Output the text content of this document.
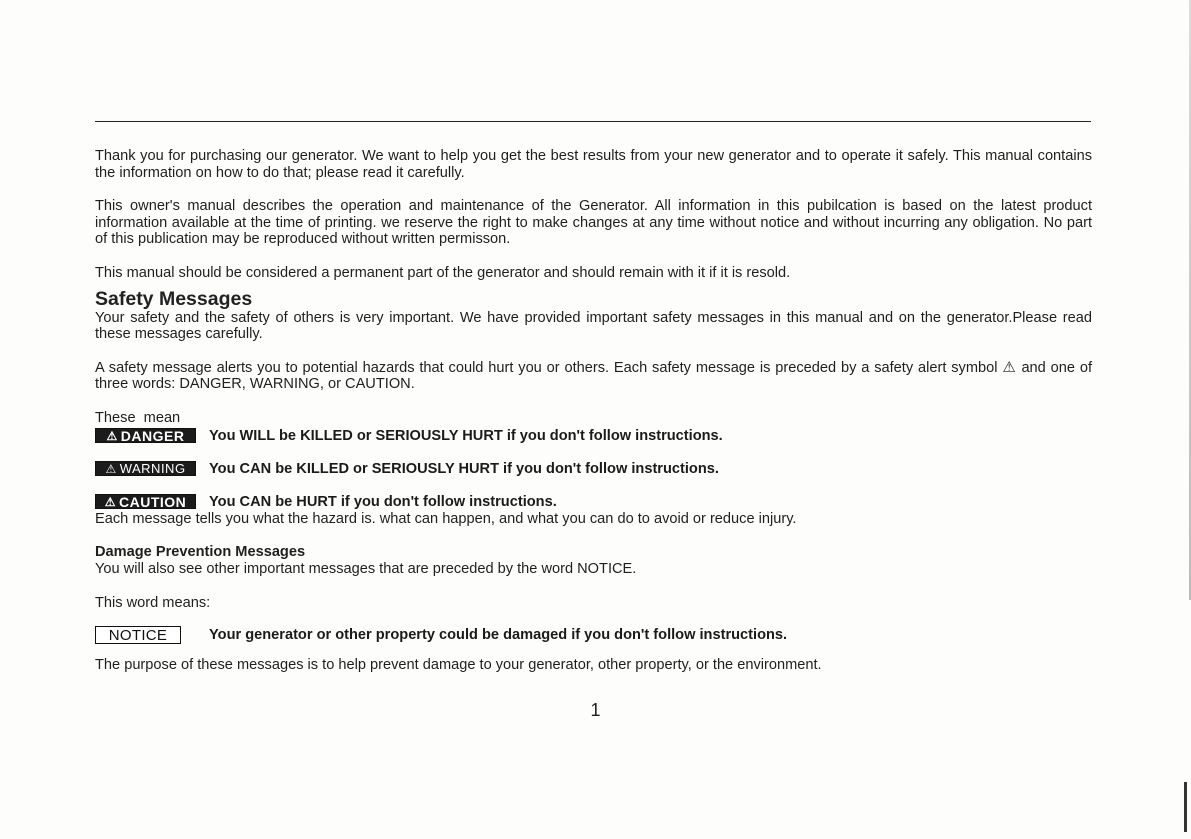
Thank you for purchasing our generator. We want to help you get the best results from your new generator and to operate it safely. This manual contains the information on how to do that; please read it carefully.

This owner's manual describes the operation and maintenance of the Generator. All information in this pubilcation is based on the latest product information available at the time of printing. we reserve the right to make changes at any time without notice and without incurring any obligation. No part of this publication may be reproduced without written permisson.

This manual should be considered a permanent part of the generator and should remain with it if it is resold.

Safety Messages

Your safety and the safety of others is very important. We have provided important safety messages in this manual and on the generator.Please read these messages carefully.

A safety message alerts you to potential hazards that could hurt you or others. Each safety message is preceded by a safety alert symbol ⚠ and one of three words: DANGER, WARNING, or CAUTION.

These  mean

⚠ DANGER You WILL be KILLED or SERIOUSLY HURT if you don't follow instructions.
⚠ WARNING You CAN be KILLED or SERIOUSLY HURT if you don't follow instructions.
⚠ CAUTION You CAN be HURT if you don't follow instructions.

Each message tells you what the hazard is. what can happen, and what you can do to avoid or reduce injury.

Damage Prevention Messages

You will also see other important messages that are preceded by the word NOTICE.

This word means:

NOTICE	Your generator or other property could be damaged if you don't follow instructions.

The purpose of these messages is to help prevent damage to your generator, other property, or the environment.

1
